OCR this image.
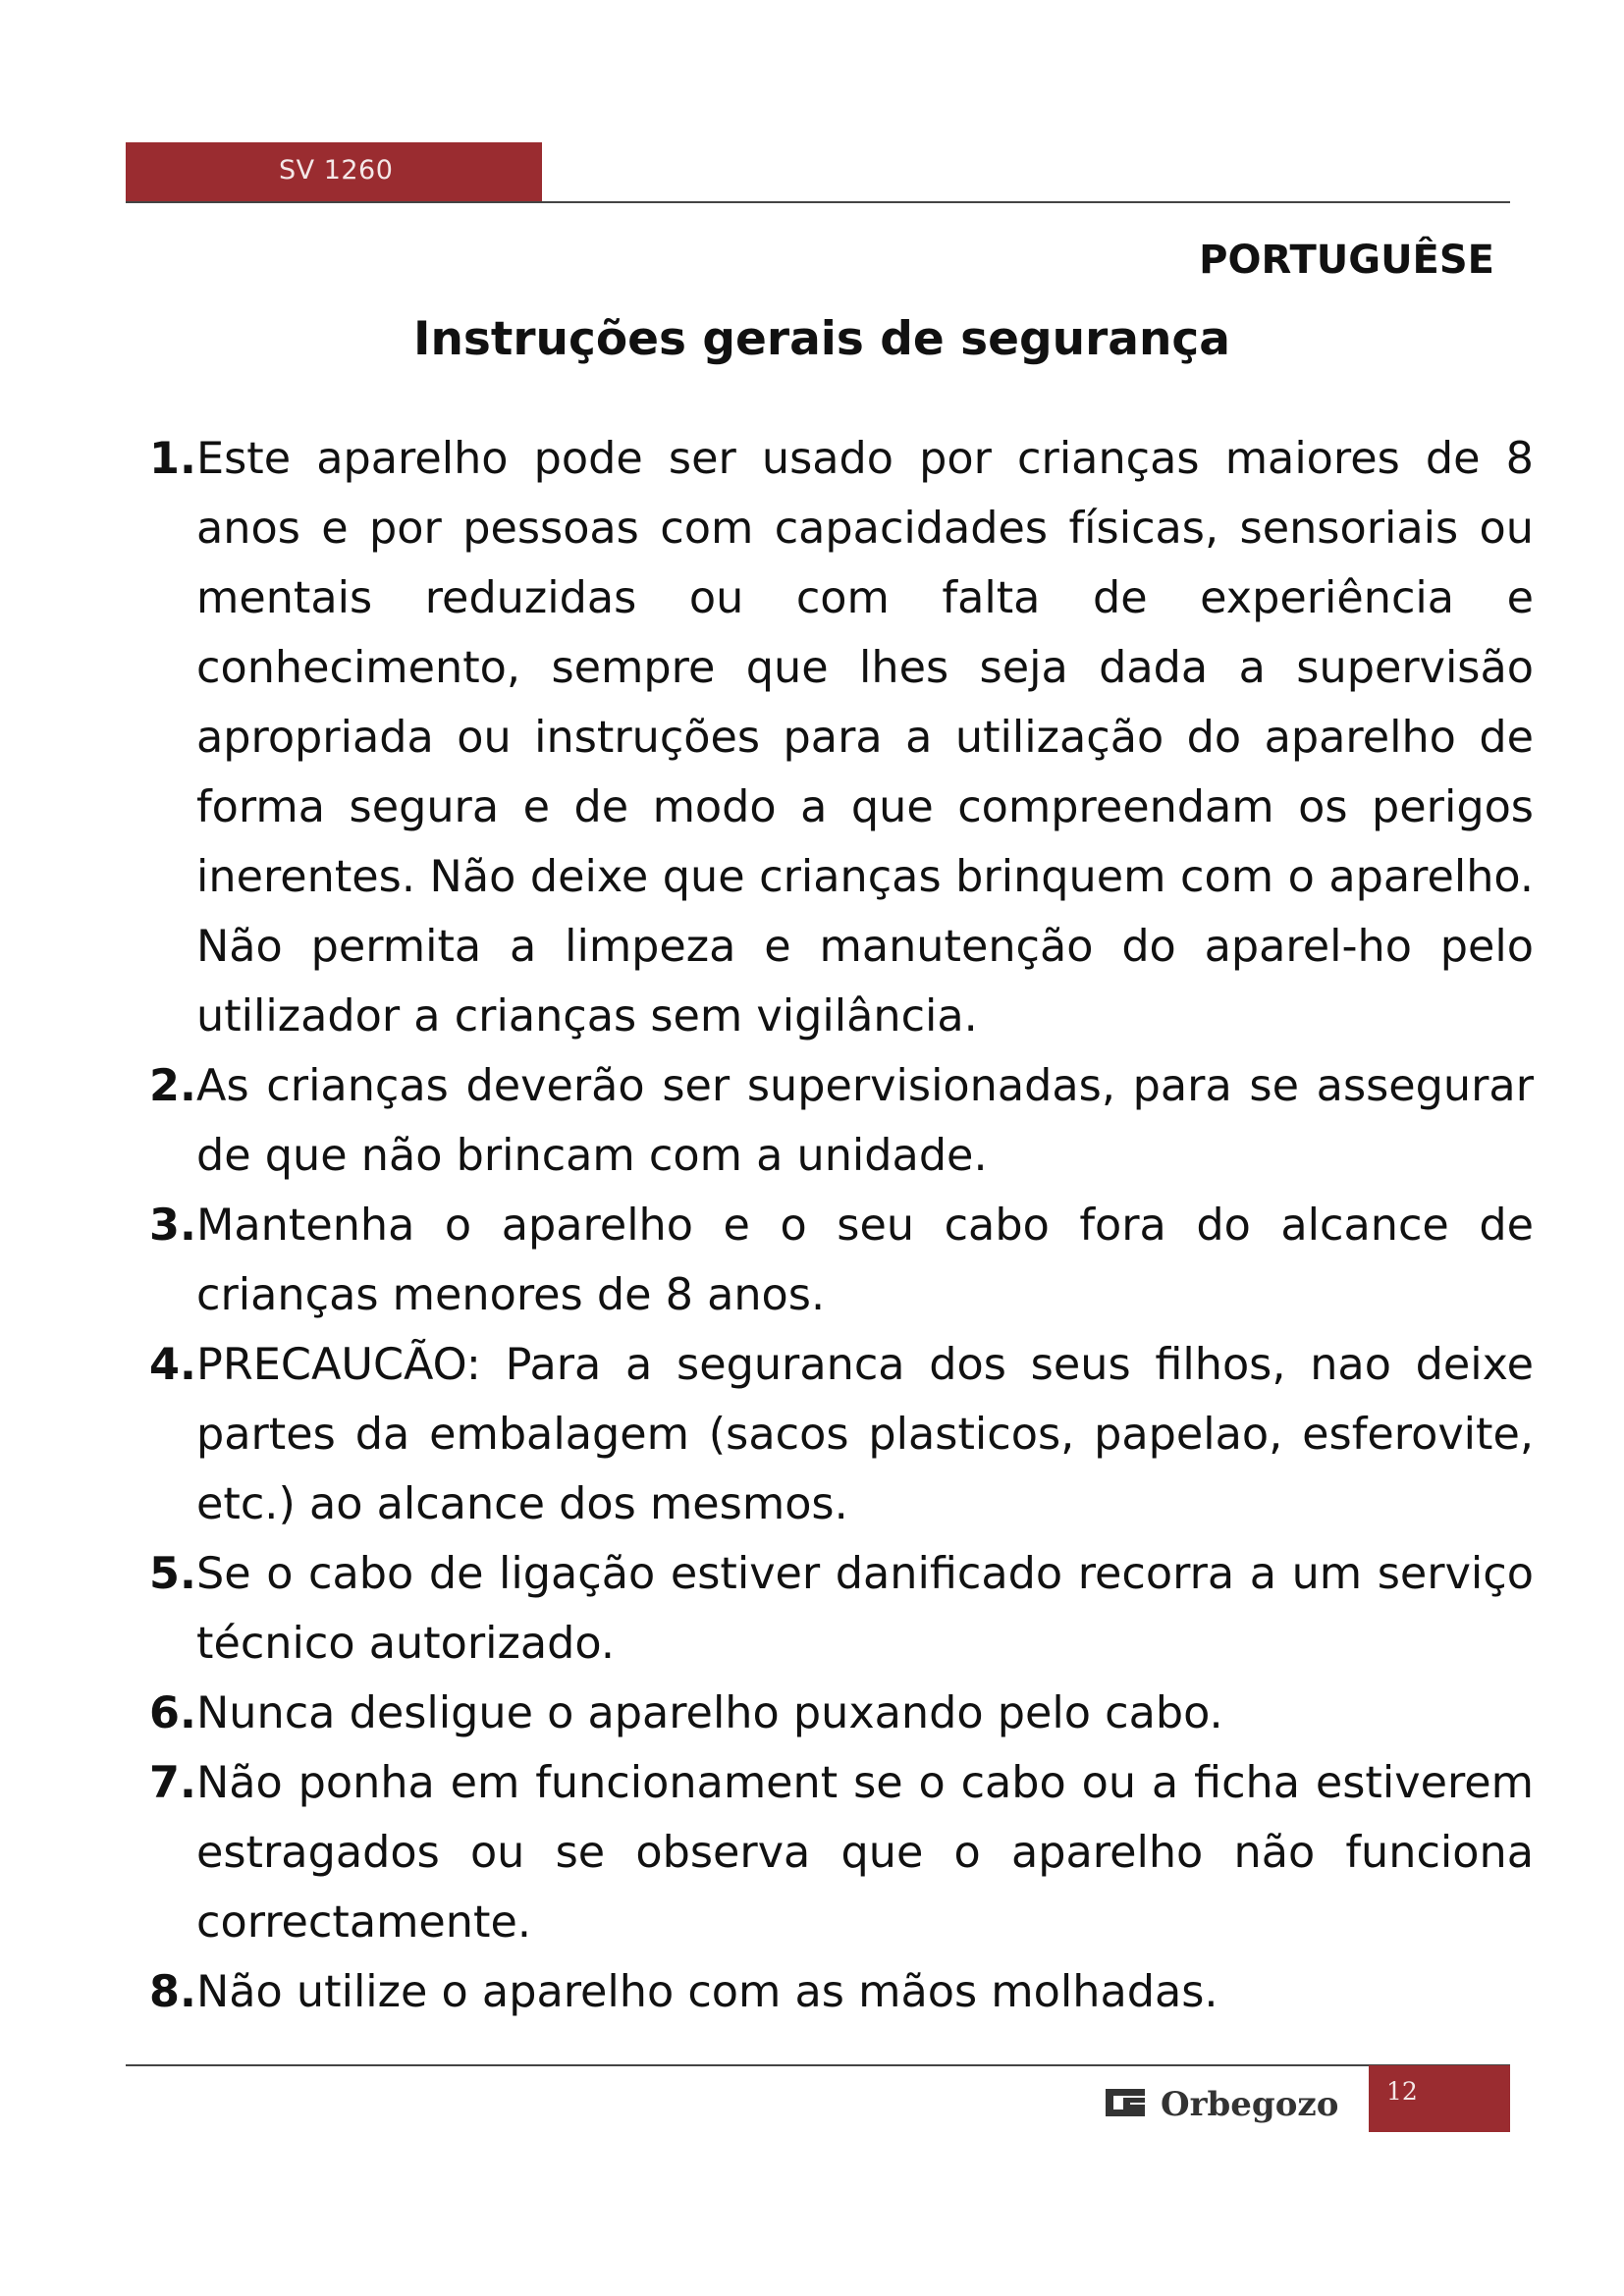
SV 1260
PORTUGUÊSE
Instruções gerais de segurança
1. Este aparelho pode ser usado por crianças maiores de 8 anos e por pessoas com capacidades físicas, sensoriais ou mentais reduzidas ou com falta de experiência e conhecimento, sempre que lhes seja dada a supervisão apropriada ou instruções para a utilização do aparelho de forma segura e de modo a que compreendam os perigos inerentes. Não deixe que crianças brinquem com o aparelho. Não permita a limpeza e manutenção do aparel-ho pelo utilizador a crianças sem vigilância.
2. As crianças deverão ser supervisionadas, para se assegurar de que não brincam com a unidade.
3. Mantenha o aparelho e o seu cabo fora do alcance de crianças menores de 8 anos.
4. PRECAUCÃO: Para a seguranca dos seus filhos, nao deixe partes da embalagem (sacos plasticos, papelao, esferovite, etc.) ao alcance dos mesmos.
5. Se o cabo de ligação estiver danificado recorra a um serviço técnico autorizado.
6. Nunca desligue o aparelho puxando pelo cabo.
7. Não ponha em funcionament se o cabo ou a ficha estiverem estragados ou se observa que o aparelho não funciona correctamente.
8. Não utilize o aparelho com as mãos molhadas.
Orbegozo 12
